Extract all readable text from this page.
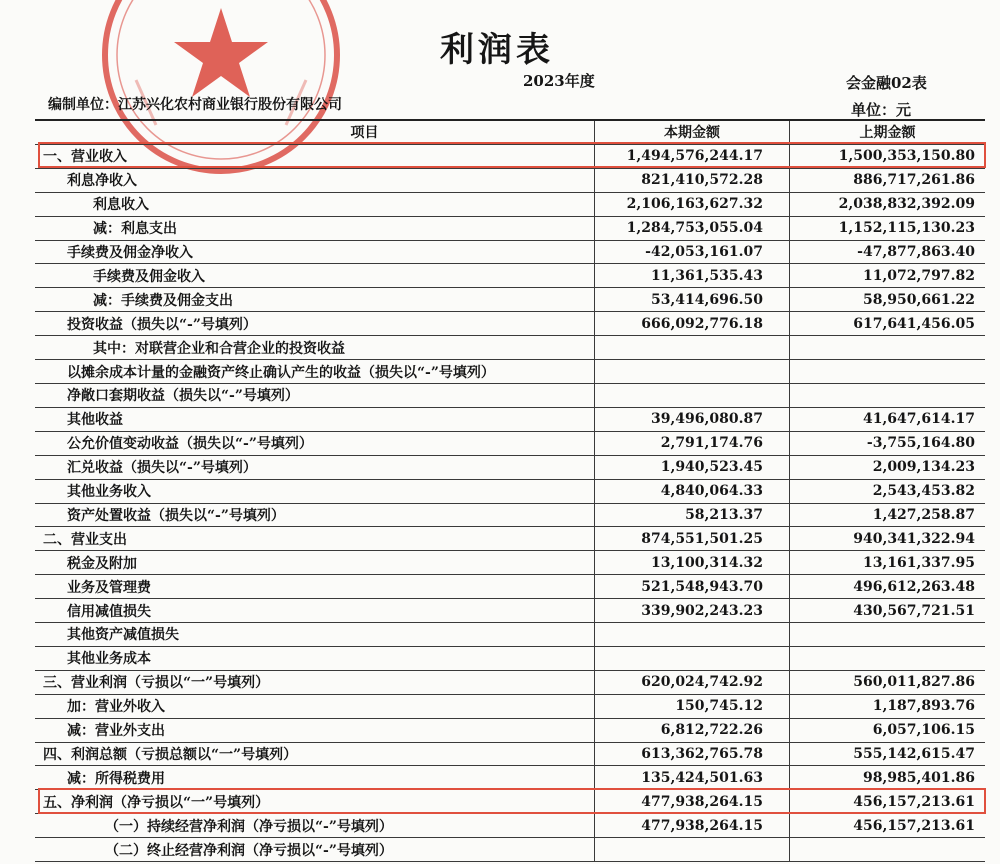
利润表
2023年度	会金融02表
单位：元
编制单位：江苏兴化农村商业银行股份有限公司
项目	本期金额	上期金额
一、营业收入	1,494,576,244.17	1,500,353,150.80
利息净收入	821,410,572.28	886,717,261.86
利息收入	2,106,163,627.32	2,038,832,392.09
减：利息支出	1,284,753,055.04	1,152,115,130.23
手续费及佣金净收入	-42,053,161.07	-47,877,863.40
手续费及佣金收入	11,361,535.43	11,072,797.82
减：手续费及佣金支出	53,414,696.50	58,950,661.22
投资收益（损失以“-”号填列）	666,092,776.18	617,641,456.05
其中：对联营企业和合营企业的投资收益
以摊余成本计量的金融资产终止确认产生的收益（损失以“-”号填列）
净敞口套期收益（损失以“-”号填列）
其他收益	39,496,080.87	41,647,614.17
公允价值变动收益（损失以“-”号填列）	2,791,174.76	-3,755,164.80
汇兑收益（损失以“-”号填列）	1,940,523.45	2,009,134.23
其他业务收入	4,840,064.33	2,543,453.82
资产处置收益（损失以“-”号填列）	58,213.37	1,427,258.87
二、营业支出	874,551,501.25	940,341,322.94
税金及附加	13,100,314.32	13,161,337.95
业务及管理费	521,548,943.70	496,612,263.48
信用减值损失	339,902,243.23	430,567,721.51
其他资产减值损失
其他业务成本
三、营业利润（亏损以“一”号填列）	620,024,742.92	560,011,827.86
加：营业外收入	150,745.12	1,187,893.76
减：营业外支出	6,812,722.26	6,057,106.15
四、利润总额（亏损总额以“一”号填列）	613,362,765.78	555,142,615.47
减：所得税费用	135,424,501.63	98,985,401.86
五、净利润（净亏损以“一”号填列）	477,938,264.15	456,157,213.61
（一）持续经营净利润（净亏损以“-”号填列）	477,938,264.15	456,157,213.61
（二）终止经营净利润（净亏损以“-”号填列）
